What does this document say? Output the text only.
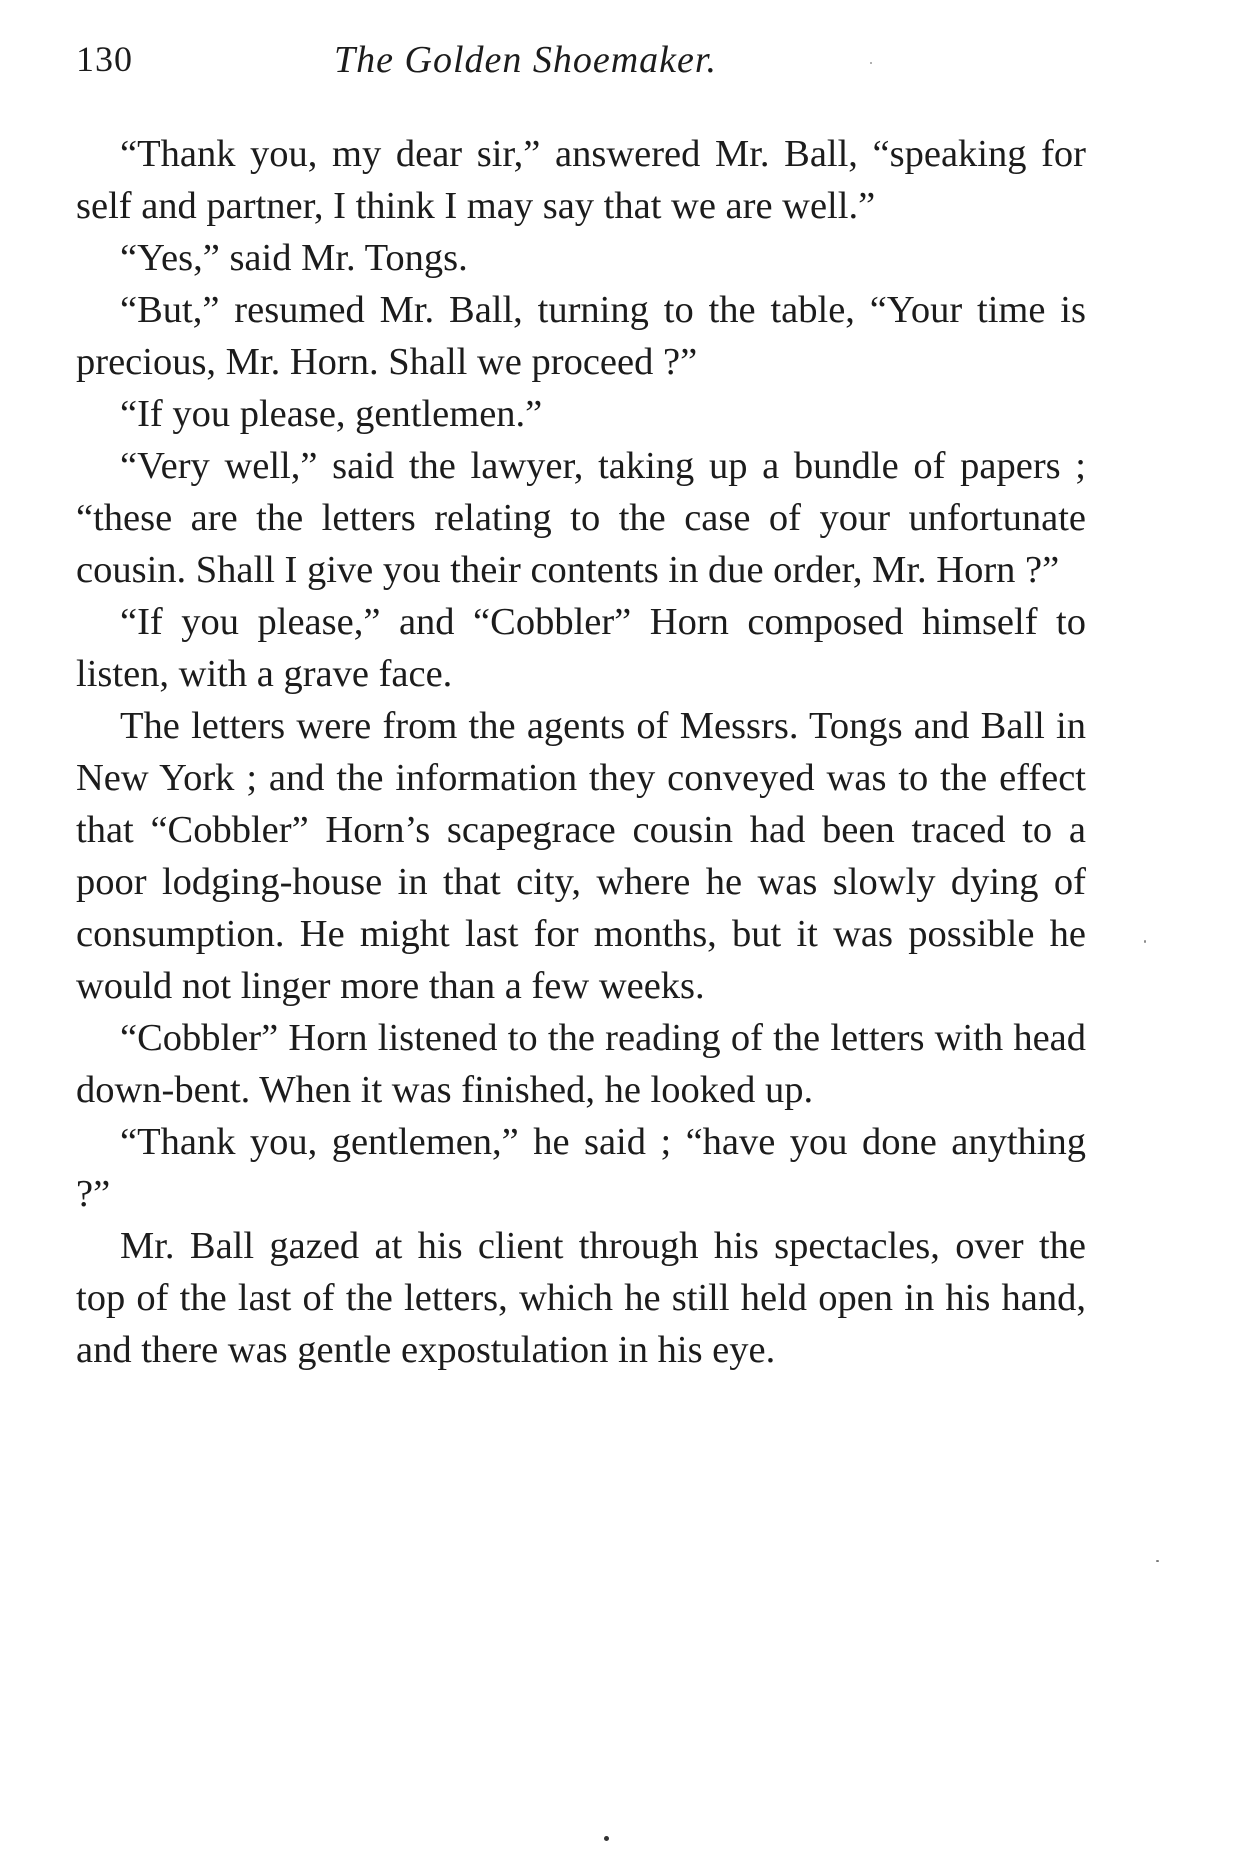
130	The Golden Shoemaker.

“Thank you, my dear sir,” answered Mr. Ball, “speaking for self and partner, I think I may say that we are well.”

“Yes,” said Mr. Tongs.

“But,” resumed Mr. Ball, turning to the table, “Your time is precious, Mr. Horn. Shall we proceed ?”

“If you please, gentlemen.”

“Very well,” said the lawyer, taking up a bundle of papers ; “these are the letters relating to the case of your unfortunate cousin. Shall I give you their contents in due order, Mr. Horn ?”

“If you please,” and “Cobbler” Horn composed himself to listen, with a grave face.

The letters were from the agents of Messrs. Tongs and Ball in New York ; and the information they conveyed was to the effect that “Cobbler” Horn’s scapegrace cousin had been traced to a poor lodging-house in that city, where he was slowly dying of consumption. He might last for months, but it was possible he would not linger more than a few weeks.

“Cobbler” Horn listened to the reading of the letters with head down-bent. When it was finished, he looked up.

“Thank you, gentlemen,” he said ; “have you done anything ?”

Mr. Ball gazed at his client through his spectacles, over the top of the last of the letters, which he still held open in his hand, and there was gentle expostulation in his eye.
